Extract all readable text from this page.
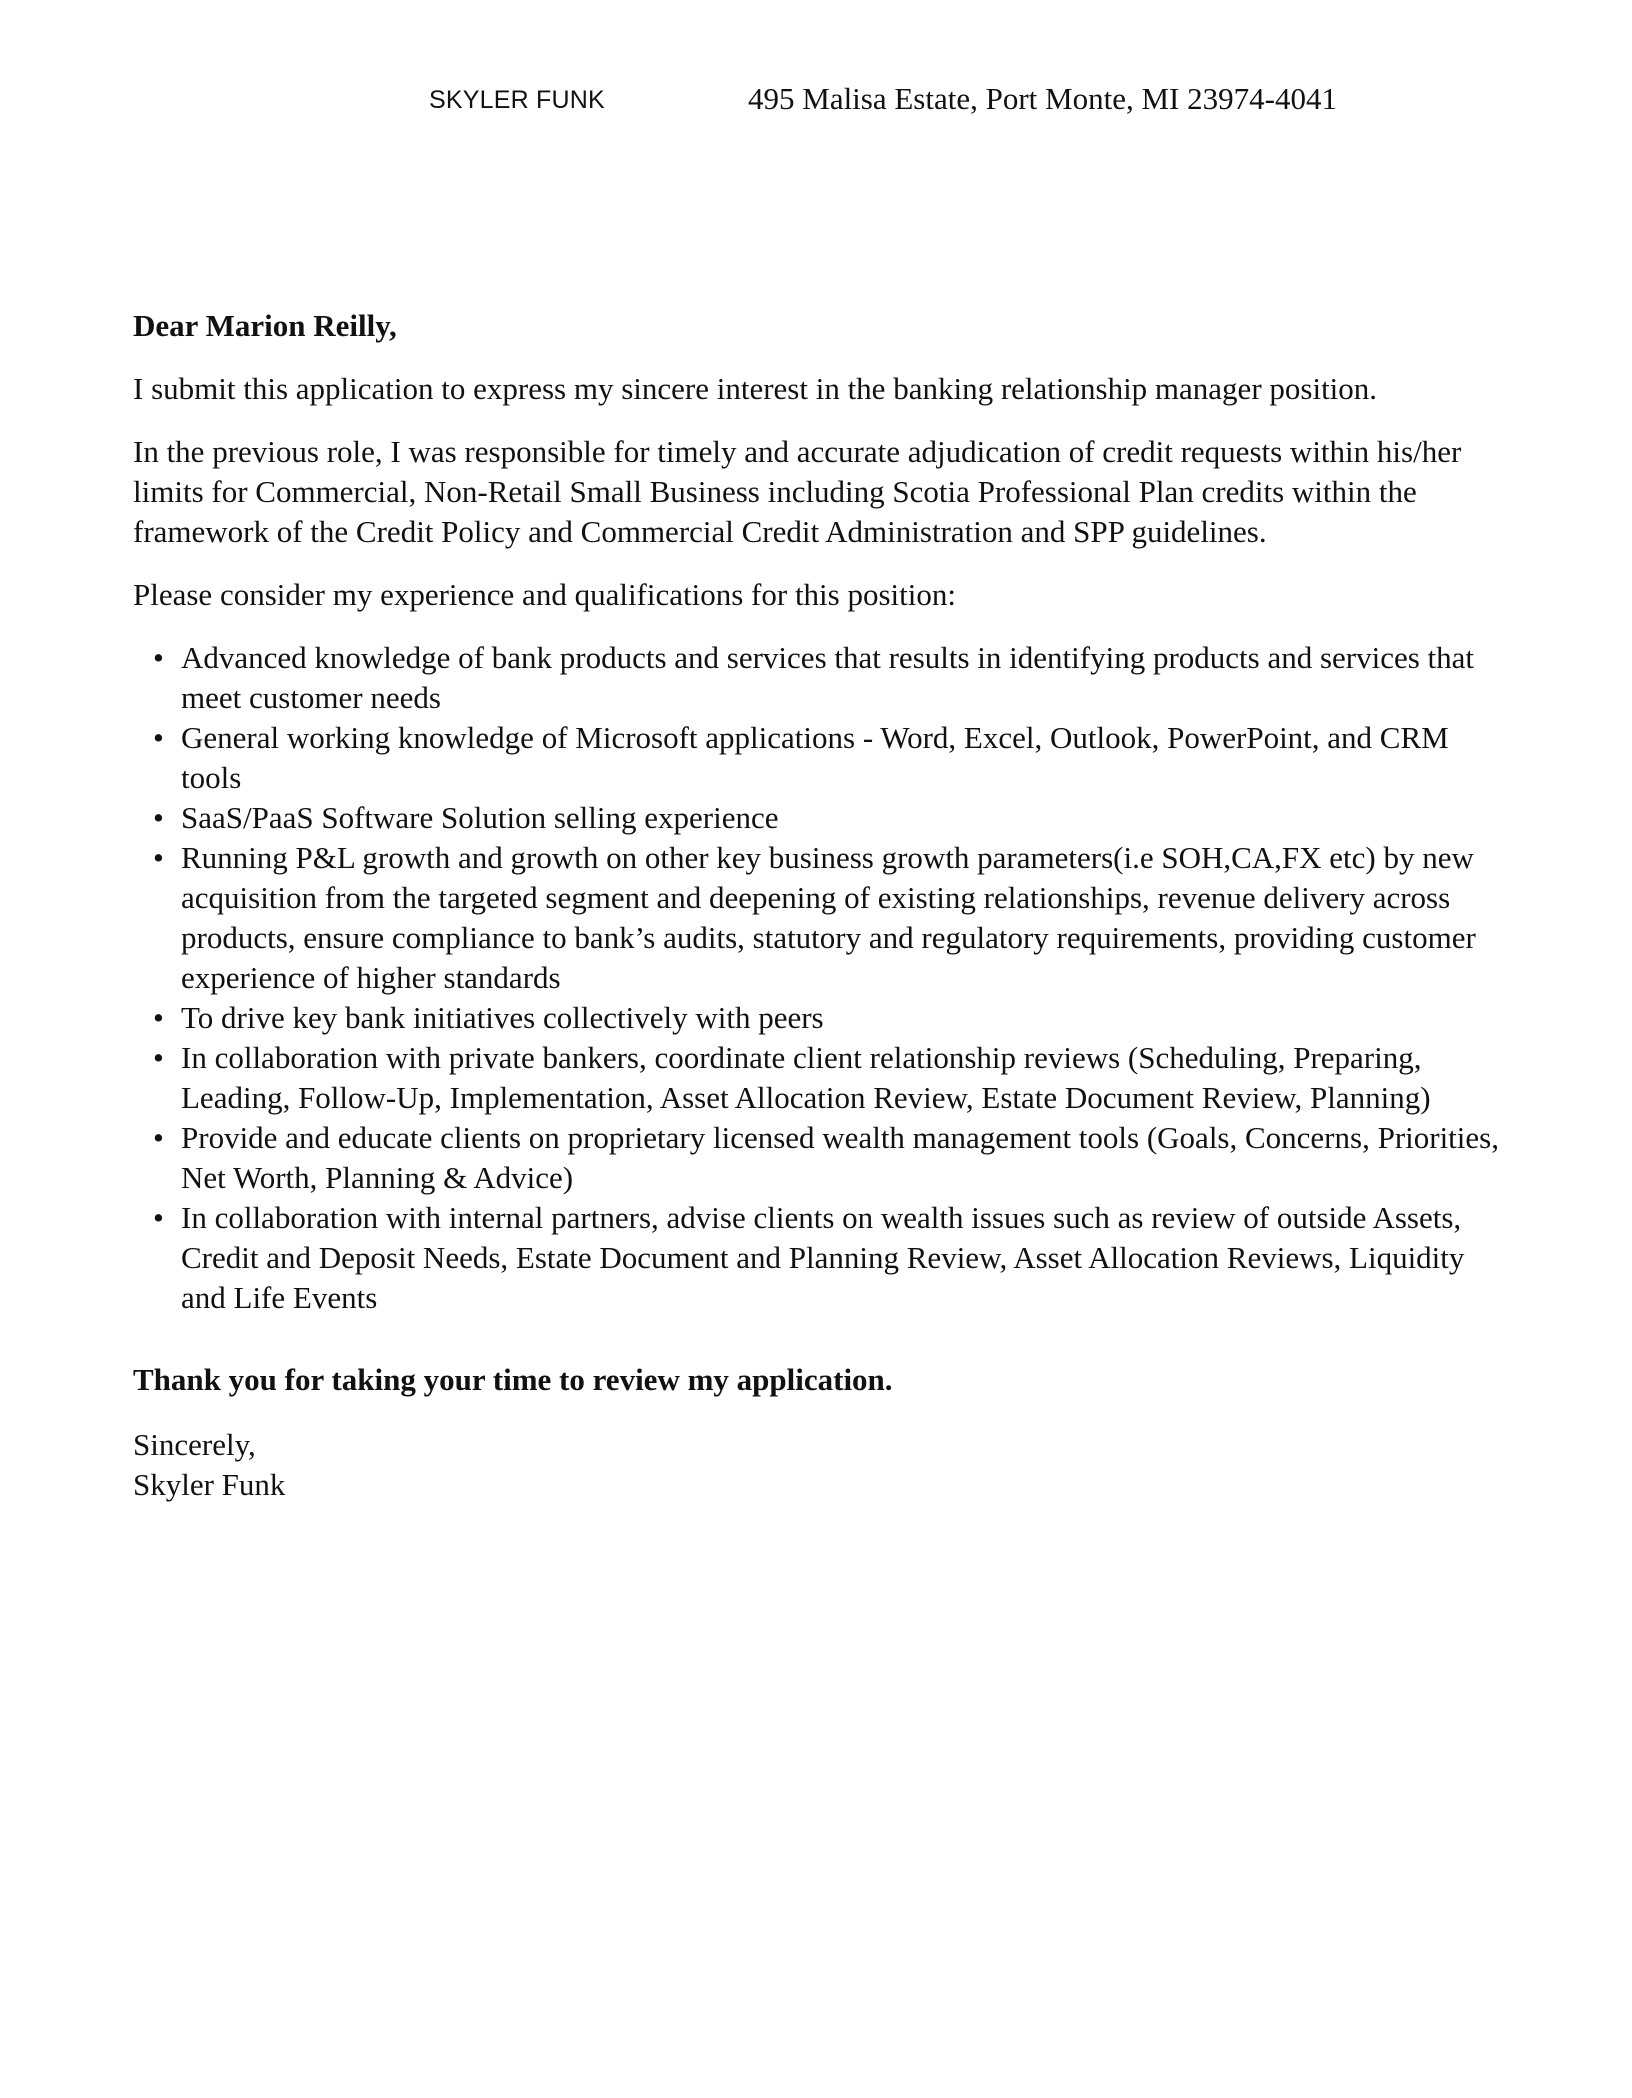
SKYLER FUNK	495 Malisa Estate, Port Monte, MI 23974-4041

Dear Marion Reilly,

I submit this application to express my sincere interest in the banking relationship manager position.

In the previous role, I was responsible for timely and accurate adjudication of credit requests within his/her limits for Commercial, Non-Retail Small Business including Scotia Professional Plan credits within the framework of the Credit Policy and Commercial Credit Administration and SPP guidelines.

Please consider my experience and qualifications for this position:

• Advanced knowledge of bank products and services that results in identifying products and services that meet customer needs
• General working knowledge of Microsoft applications - Word, Excel, Outlook, PowerPoint, and CRM tools
• SaaS/PaaS Software Solution selling experience
• Running P&L growth and growth on other key business growth parameters(i.e SOH,CA,FX etc) by new acquisition from the targeted segment and deepening of existing relationships, revenue delivery across products, ensure compliance to bank’s audits, statutory and regulatory requirements, providing customer experience of higher standards
• To drive key bank initiatives collectively with peers
• In collaboration with private bankers, coordinate client relationship reviews (Scheduling, Preparing, Leading, Follow-Up, Implementation, Asset Allocation Review, Estate Document Review, Planning)
• Provide and educate clients on proprietary licensed wealth management tools (Goals, Concerns, Priorities, Net Worth, Planning & Advice)
• In collaboration with internal partners, advise clients on wealth issues such as review of outside Assets, Credit and Deposit Needs, Estate Document and Planning Review, Asset Allocation Reviews, Liquidity and Life Events

Thank you for taking your time to review my application.

Sincerely,

Skyler Funk
